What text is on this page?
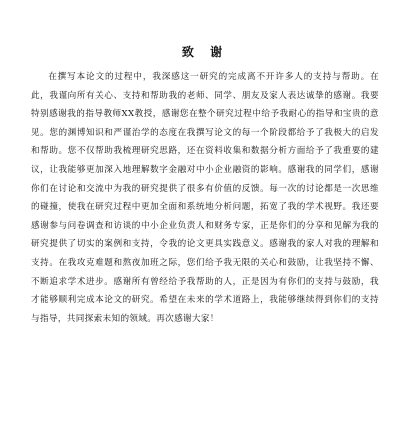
致 谢

在撰写本论文的过程中，我深感这一研究的完成离不开许多人的支持与帮助。在此，我谨向所有关心、支持和帮助我的老师、同学、朋友及家人表达诚挚的感谢。我要特别感谢我的指导教师XX教授，感谢您在整个研究过程中给予我耐心的指导和宝贵的意见。您的渊博知识和严谨治学的态度在我撰写论文的每一个阶段都给予了我极大的启发和帮助。您不仅帮助我梳理研究思路，还在资料收集和数据分析方面给予了我重要的建议，让我能够更加深入地理解数字金融对中小企业融资的影响。感谢我的同学们，感谢你们在讨论和交流中为我的研究提供了很多有价值的反馈。每一次的讨论都是一次思维的碰撞，使我在研究过程中更加全面和系统地分析问题，拓宽了我的学术视野。我还要感谢参与问卷调查和访谈的中小企业负责人和财务专家，正是你们的分享和见解为我的研究提供了切实的案例和支持，令我的论文更具实践意义。感谢我的家人对我的理解和支持。在我攻克难题和熬夜加班之际，您们给予我无限的关心和鼓励，让我坚持不懈、不断追求学术进步。感谢所有曾经给予我帮助的人，正是因为有你们的支持与鼓励，我才能够顺利完成本论文的研究。希望在未来的学术道路上，我能够继续得到你们的支持与指导，共同探索未知的领域。再次感谢大家！
